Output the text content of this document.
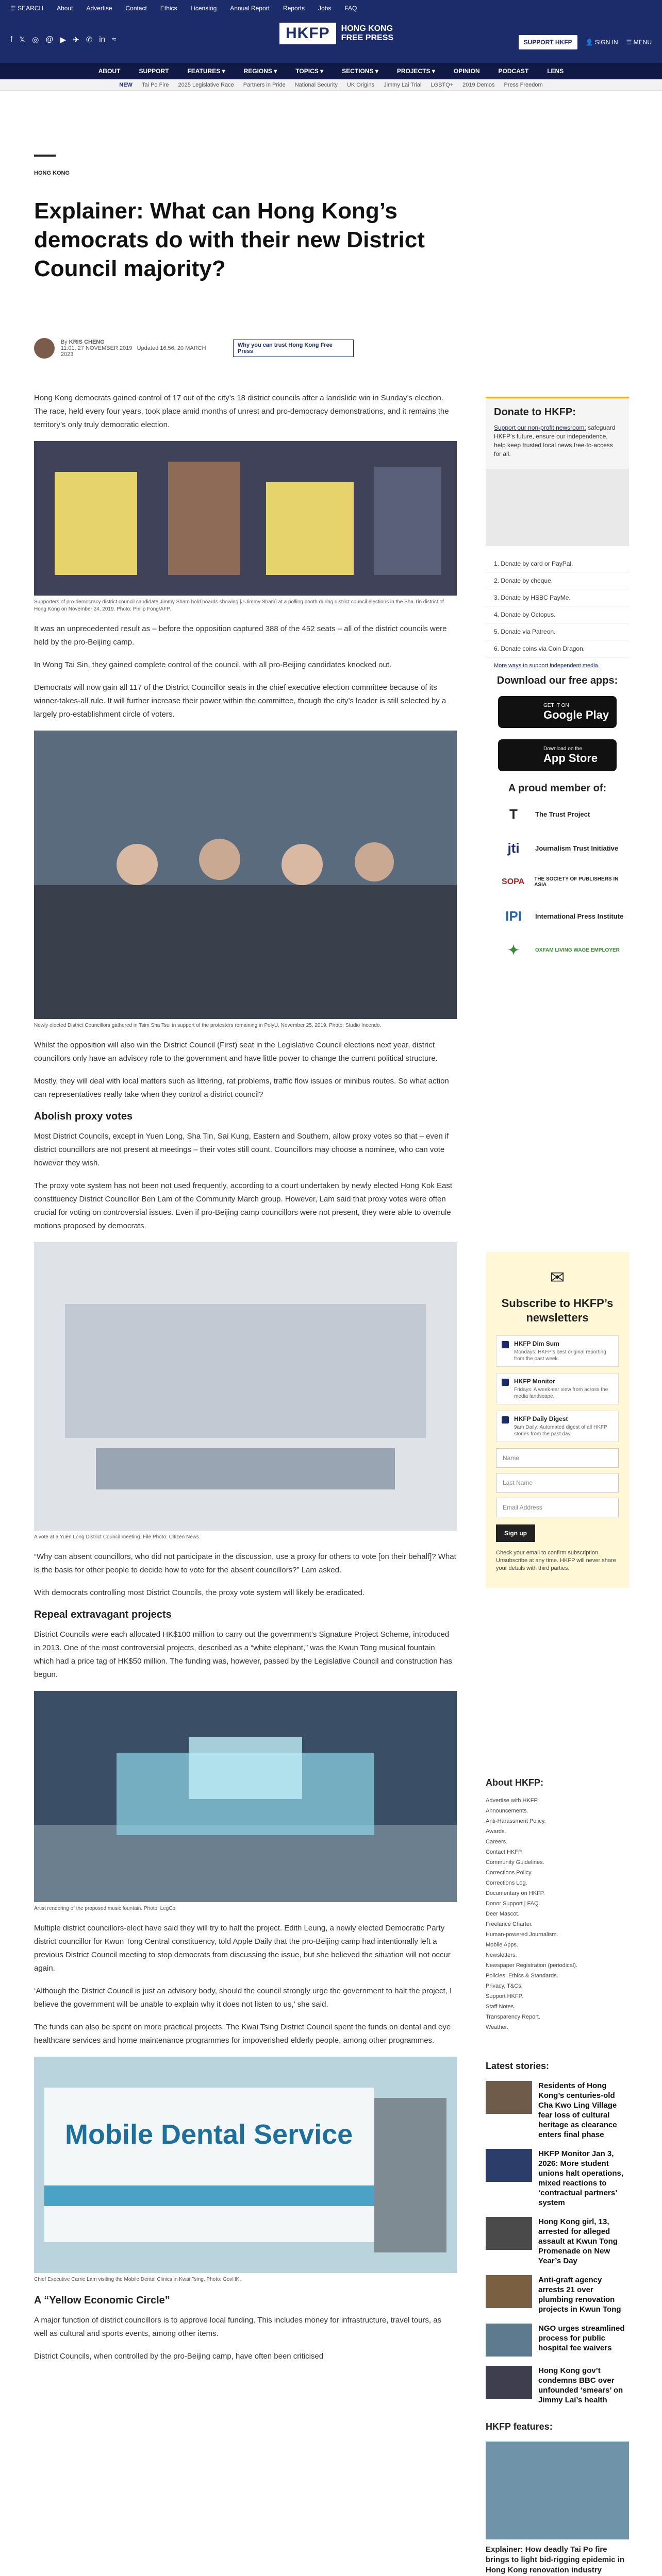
☰ SEARCH About Advertise Contact Ethics Licensing Annual Report Reports Jobs FAQ
f 𝕏 ◎ @ ▶ ✈ ✆ in ≈	HKFP	HONG KONG
FREE PRESS	SUPPORT HKFP	👤 SIGN IN ☰ MENU
ABOUT	SUPPORT	FEATURES ▾	REGIONS ▾	TOPICS ▾	SECTIONS ▾	PROJECTS ▾	OPINION	PODCAST	LENS
NEW Tai Po Fire 2025 Legislative Race Partners in Pride National Security UK Origins Jimmy Lai Trial LGBTQ+ 2019 Demos Press Freedom
HONG KONG
Explainer: What can Hong Kong’s democrats do with their new District Council majority?
By KRIS CHENG
11:01, 27 NOVEMBER 2019 Updated 16:56, 20 MARCH 2023
Why you can trust Hong Kong Free Press

Hong Kong democrats gained control of 17 out of the city’s 18 district councils after a landslide win in Sunday’s election. The race, held every four years, took place amid months of unrest and pro-democracy demonstrations, and it remains the territory’s only truly democratic election.

Supporters of pro-democracy district council candidate Jimmy Sham hold boards showing [J-Jimmy Sham] at a polling booth during district council elections in the Sha Tin district of Hong Kong on November 24, 2019. Photo: Philip Fong/AFP.

It was an unprecedented result as – before the opposition captured 388 of the 452 seats – all of the district councils were held by the pro-Beijing camp.

In Wong Tai Sin, they gained complete control of the council, with all pro-Beijing candidates knocked out.

Democrats will now gain all 117 of the District Councillor seats in the chief executive election committee because of its winner-takes-all rule. It will further increase their power within the committee, though the city’s leader is still selected by a largely pro-establishment circle of voters.

Newly elected District Councillors gathered in Tsim Sha Tsui in support of the protesters remaining in PolyU, November 25, 2019. Photo: Studio Incendo.

Whilst the opposition will also win the District Council (First) seat in the Legislative Council elections next year, district councillors only have an advisory role to the government and have little power to change the current political structure.

Mostly, they will deal with local matters such as littering, rat problems, traffic flow issues or minibus routes. So what action can representatives really take when they control a district council?

Abolish proxy votes

Most District Councils, except in Yuen Long, Sha Tin, Sai Kung, Eastern and Southern, allow proxy votes so that – even if district councillors are not present at meetings – their votes still count. Councillors may choose a nominee, who can vote however they wish.

The proxy vote system has not been not used frequently, according to a court undertaken by newly elected Hong Kok East constituency District Councillor Ben Lam of the Community March group. However, Lam said that proxy votes were often crucial for voting on controversial issues. Even if pro-Beijing camp councillors were not present, they were able to overrule motions proposed by democrats.

A vote at a Yuen Long District Council meeting. File Photo: Citizen News.

“Why can absent councillors, who did not participate in the discussion, use a proxy for others to vote [on their behalf]? What is the basis for other people to decide how to vote for the absent councillors?” Lam asked.

With democrats controlling most District Councils, the proxy vote system will likely be eradicated.

Repeal extravagant projects

District Councils were each allocated HK$100 million to carry out the government’s Signature Project Scheme, introduced in 2013. One of the most controversial projects, described as a “white elephant,” was the Kwun Tong musical fountain which had a price tag of HK$50 million. The funding was, however, passed by the Legislative Council and construction has begun.

Artist rendering of the proposed music fountain. Photo: LegCo.

Multiple district councillors-elect have said they will try to halt the project. Edith Leung, a newly elected Democratic Party district councillor for Kwun Tong Central constituency, told Apple Daily that the pro-Beijing camp had intentionally left a previous District Council meeting to stop democrats from discussing the issue, but she believed the situation will not occur again.

‘Although the District Council is just an advisory body, should the council strongly urge the government to halt the project, I believe the government will be unable to explain why it does not listen to us,’ she said.

The funds can also be spent on more practical projects. The Kwai Tsing District Council spent the funds on dental and eye healthcare services and home maintenance programmes for impoverished elderly people, among other programmes.

Mobile Dental Service
Chief Executive Carrie Lam visiting the Mobile Dental Clinics in Kwai Tsing. Photo: GovHK.
A “Yellow Economic Circle”

A major function of district councillors is to approve local funding. This includes money for infrastructure, travel tours, as well as cultural and sports events, among other items.

District Councils, when controlled by the pro-Beijing camp, have often been criticised

Donate to HKFP:
Support our non-profit newsroom: safeguard HKFP’s future, ensure our independence, help keep trusted local news free-to-access for all.
1. Donate by card or PayPal.
2. Donate by cheque.
3. Donate by HSBC PayMe.
4. Donate by Octopus.
5. Donate via Patreon.
6. Donate coins via Coin Dragon.
More ways to support independent media.
Download our free apps:
GET IT ON
Google Play
Download on the
App Store
A proud member of:
T	The Trust Project
jti	Journalism Trust Initiative
SOPA	THE SOCIETY OF PUBLISHERS IN ASIA
IPI	International Press Institute
✦	OXFAM LIVING WAGE EMPLOYER
✉
Subscribe to HKFP’s newsletters
HKFP Dim Sum
Mondays: HKFP’s best original reporting from the past week.
HKFP Monitor
Fridays: A week-ear view from across the media landscape.
HKFP Daily Digest
9am Daily: Automated digest of all HKFP stories from the past day.
Name
Last Name
Email Address
Sign up
Check your email to confirm subscription. Unsubscribe at any time. HKFP will never share your details with third parties.
About HKFP:
Advertise with HKFP.
Announcements.
Anti-Harassment Policy.
Awards.
Careers.
Contact HKFP.
Community Guidelines.
Corrections Policy.
Corrections Log.
Documentary on HKFP.
Donor Support | FAQ.
Deer Mascot.
Freelance Charter.
Human-powered Journalism.
Mobile Apps.
Newsletters.
Newspaper Registration (periodical).
Policies: Ethics & Standards.
Privacy, T&Cs.
Support HKFP.
Staff Notes.
Transparency Report.
Weather.
Latest stories:
Residents of Hong Kong’s centuries-old Cha Kwo Ling Village fear loss of cultural heritage as clearance enters final phase
HKFP Monitor Jan 3, 2026: More student unions halt operations, mixed reactions to ‘contractual partners’ system
Hong Kong girl, 13, arrested for alleged assault at Kwun Tong Promenade on New Year’s Day
Anti-graft agency arrests 21 over plumbing renovation projects in Kwun Tong
NGO urges streamlined process for public hospital fee waivers
Hong Kong gov’t condemns BBC over unfounded ‘smears’ on Jimmy Lai’s health
HKFP features:
Explainer: How deadly Tai Po fire brings to light bid-rigging epidemic in Hong Kong renovation industry
